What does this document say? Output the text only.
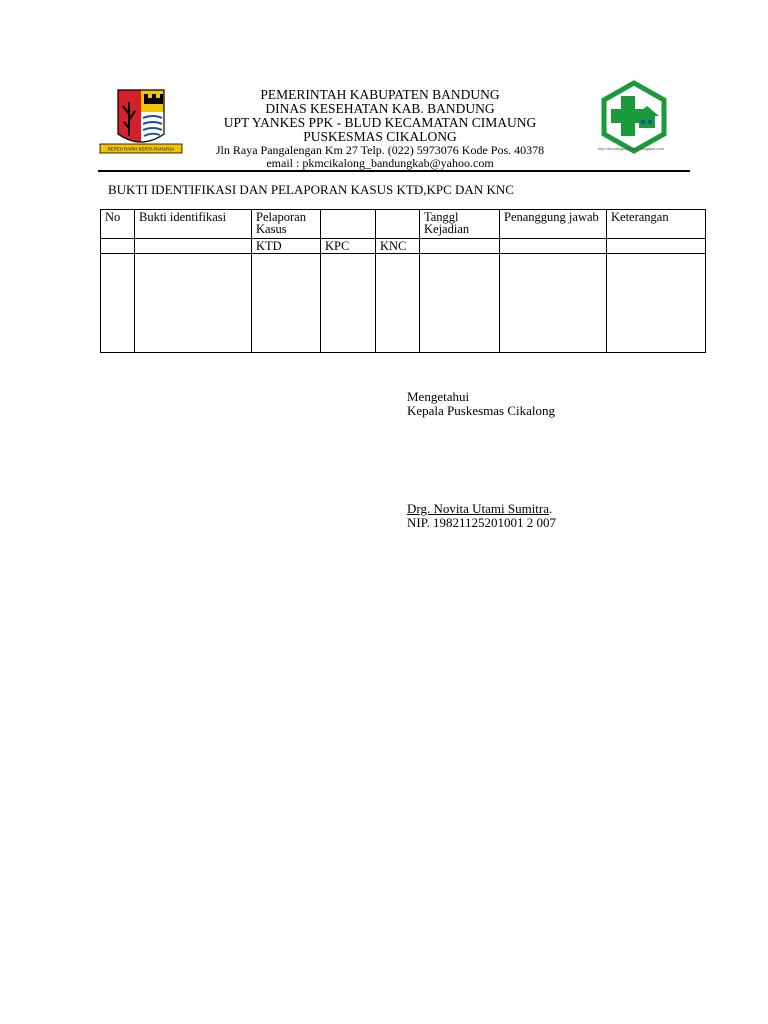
REPEH RAPIH KERTA RAHARJA
PEMERINTAH KABUPATEN BANDUNG
DINAS KESEHATAN KAB. BANDUNG
UPT YANKES PPK - BLUD KECAMATAN CIMAUNG
PUSKESMAS CIKALONG
Jln Raya Pangalengan Km 27 Telp. (022) 5973076 Kode Pos. 40378
email : pkmcikalong_bandungkab@yahoo.com
http://dunialogoetiketku.blogspot.com
BUKTI IDENTIFIKASI DAN PELAPORAN KASUS KTD,KPC DAN KNC
No	Bukti identifikasi	Pelaporan Kasus			Tanggl Kejadian	Penanggung jawab	Keterangan
		KTD	KPC	KNC			

Mengetahui
Kepala Puskesmas Cikalong
Drg. Novita Utami Sumitra.
NIP. 19821125201001 2 007
